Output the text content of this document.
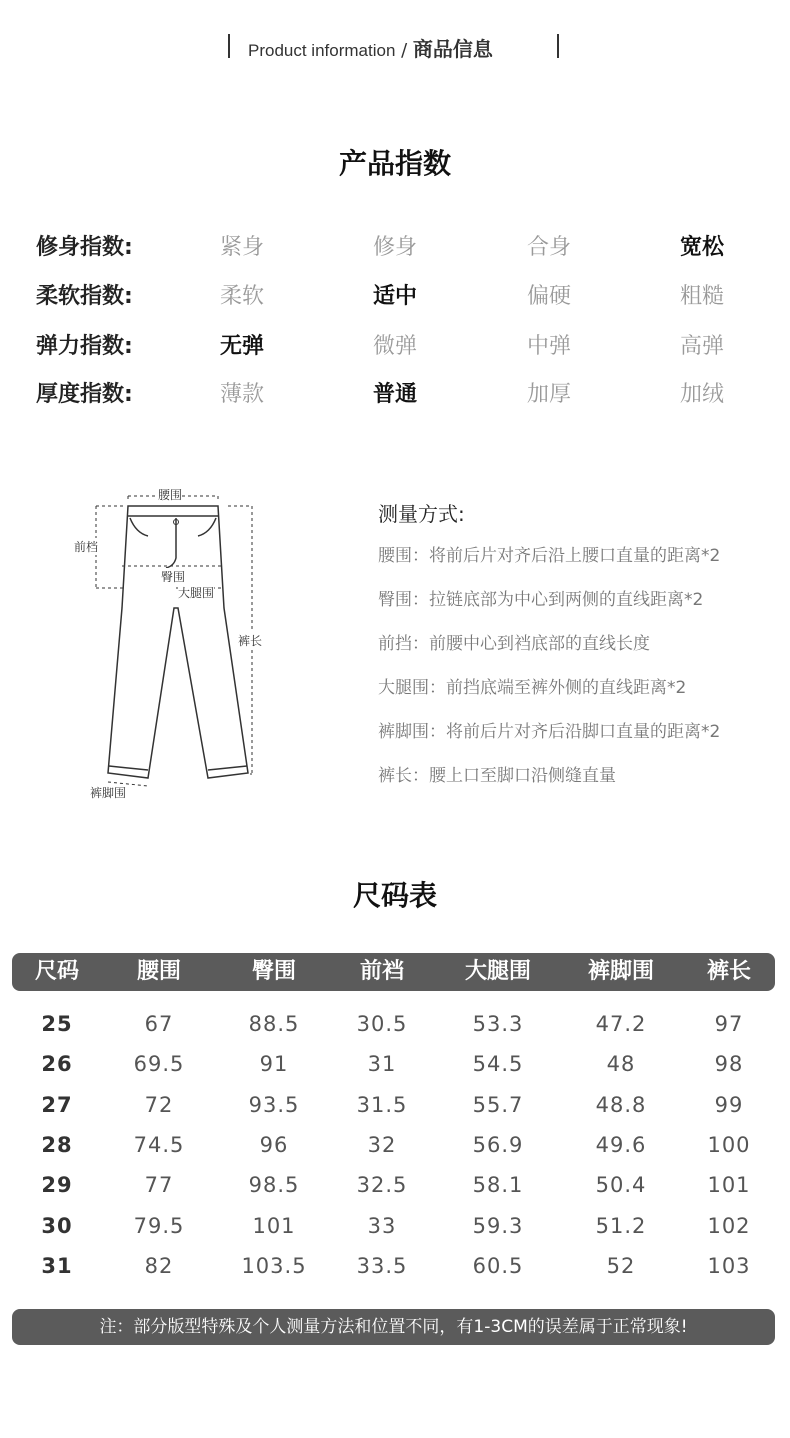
Product information / 商品信息
产品指数
修身指数:	紧身	修身	合身	宽松
柔软指数:	柔软	适中	偏硬	粗糙
弹力指数:	无弹	微弹	中弹	高弹
厚度指数:	薄款	普通	加厚	加绒
腰围
前档
臀围
大腿围
裤长
裤脚围
测量方式:
腰围：将前后片对齐后沿上腰口直量的距离*2
臀围：拉链底部为中心到两侧的直线距离*2
前挡：前腰中心到裆底部的直线长度
大腿围：前挡底端至裤外侧的直线距离*2
裤脚围：将前后片对齐后沿脚口直量的距离*2
裤长：腰上口至脚口沿侧缝直量
尺码表
尺码	腰围	臀围	前裆	大腿围	裤脚围	裤长
25	67	88.5	30.5	53.3	47.2	97
26	69.5	91	31	54.5	48	98
27	72	93.5	31.5	55.7	48.8	99
28	74.5	96	32	56.9	49.6	100
29	77	98.5	32.5	58.1	50.4	101
30	79.5	101	33	59.3	51.2	102
31	82	103.5	33.5	60.5	52	103
注：部分版型特殊及个人测量方法和位置不同，有1-3CM的误差属于正常现象!
